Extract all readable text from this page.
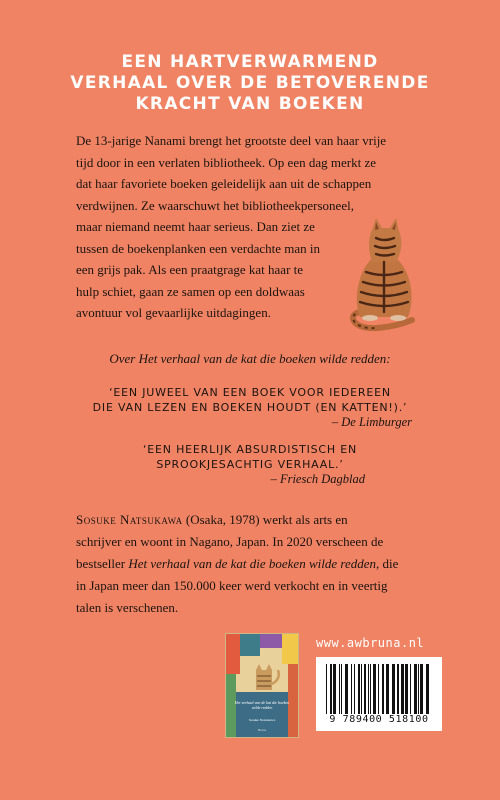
EEN HARTVERWARMEND
VERHAAL OVER DE BETOVERENDE
KRACHT VAN BOEKEN
De 13-jarige Nanami brengt het grootste deel van haar vrije
tijd door in een verlaten bibliotheek. Op een dag merkt ze
dat haar favoriete boeken geleidelijk aan uit de schappen
verdwijnen. Ze waarschuwt het bibliotheekpersoneel,
maar niemand neemt haar serieus. Dan ziet ze
tussen de boekenplanken een verdachte man in
een grijs pak. Als een praatgrage kat haar te
hulp schiet, gaan ze samen op een doldwaas
avontuur vol gevaarlijke uitdagingen.
Over Het verhaal van de kat die boeken wilde redden:
‘EEN JUWEEL VAN EEN BOEK VOOR IEDEREEN
DIE VAN LEZEN EN BOEKEN HOUDT (EN KATTEN!).’
– De Limburger
‘EEN HEERLIJK ABSURDISTISCH EN
SPROOKJESACHTIG VERHAAL.’
– Friesch Dagblad
Sosuke Natsukawa (Osaka, 1978) werkt als arts en
schrijver en woont in Nagano, Japan. In 2020 verscheen de
bestseller Het verhaal van de kat die boeken wilde redden, die
in Japan meer dan 150.000 keer werd verkocht en in veertig
talen is verschenen.
Het verhaal van de kat die boeken wilde redden
Sosuke Natsukawa
Bruna
www.awbruna.nl
9 789400 518100
